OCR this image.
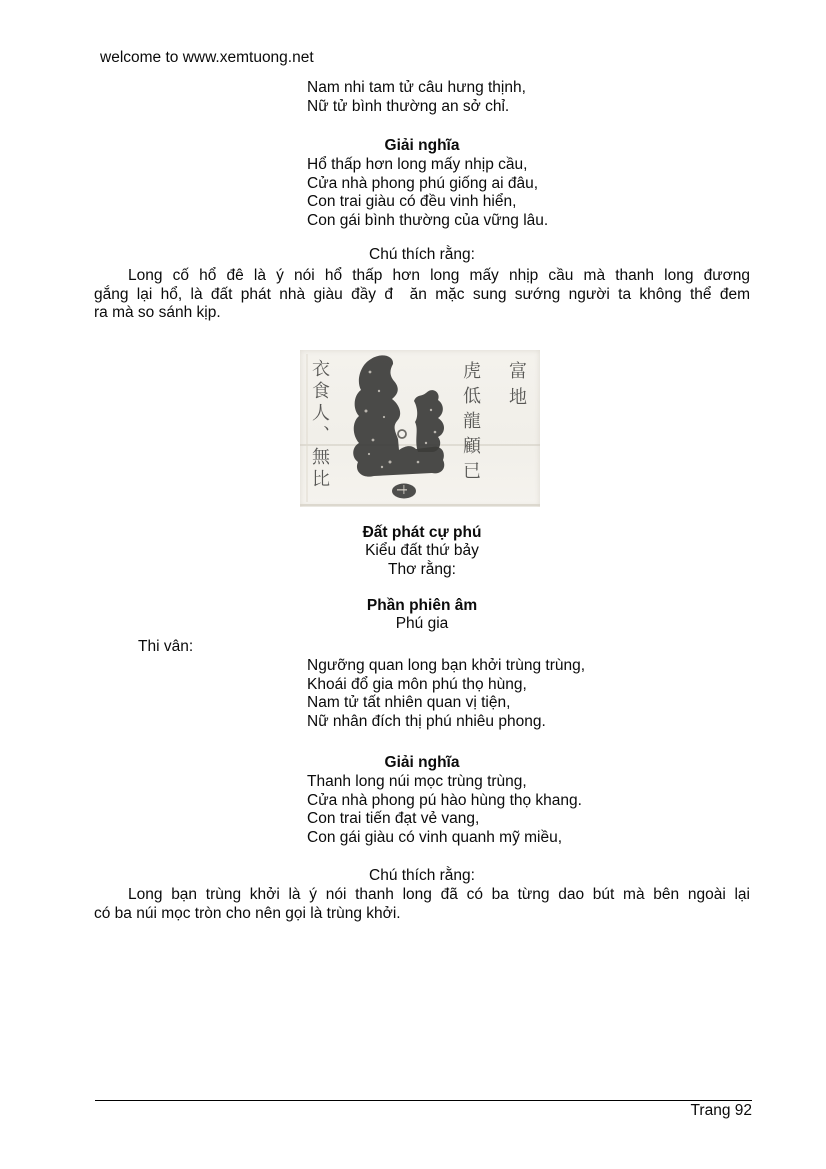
welcome to www.xemtuong.net
Nam nhi tam tử câu hưng thịnh,
Nữ tử bình thường an sở chỉ.
Giải nghĩa
Hổ thấp hơn long mấy nhịp cầu,
Cửa nhà phong phú giống ai đâu,
Con trai giàu có đều vinh hiển,
Con gái bình thường của vững lâu.
Chú thích rằng:
Long cố hổ đê là ý nói hổ thấp hơn long mấy nhịp cầu mà thanh long đương
gắng lại hổ, là đất phát nhà giàu đầy đ  ăn mặc sung sướng người ta không thể đem
ra mà so sánh kịp.
衣食人、無比	虎低龍顧已 富地
Đất phát cự phú
Kiểu đất thứ bảy
Thơ rằng:
Phần phiên âm
Phú gia
Thi vân:
Ngưỡng quan long bạn khởi trùng trùng,
Khoái đổ gia môn phú thọ hùng,
Nam tử tất nhiên quan vị tiện,
Nữ nhân đích thị phú nhiêu phong.
Giải nghĩa
Thanh long núi mọc trùng trùng,
Cửa nhà phong pú hào hùng thọ khang.
Con trai tiến đạt vẻ vang,
Con gái giàu có vinh quanh mỹ miều,
Chú thích rằng:
Long bạn trùng khởi là ý nói thanh long đã có ba từng dao bút mà bên ngoài lại
có ba núi mọc tròn cho nên gọi là trùng khởi.
Trang 92
